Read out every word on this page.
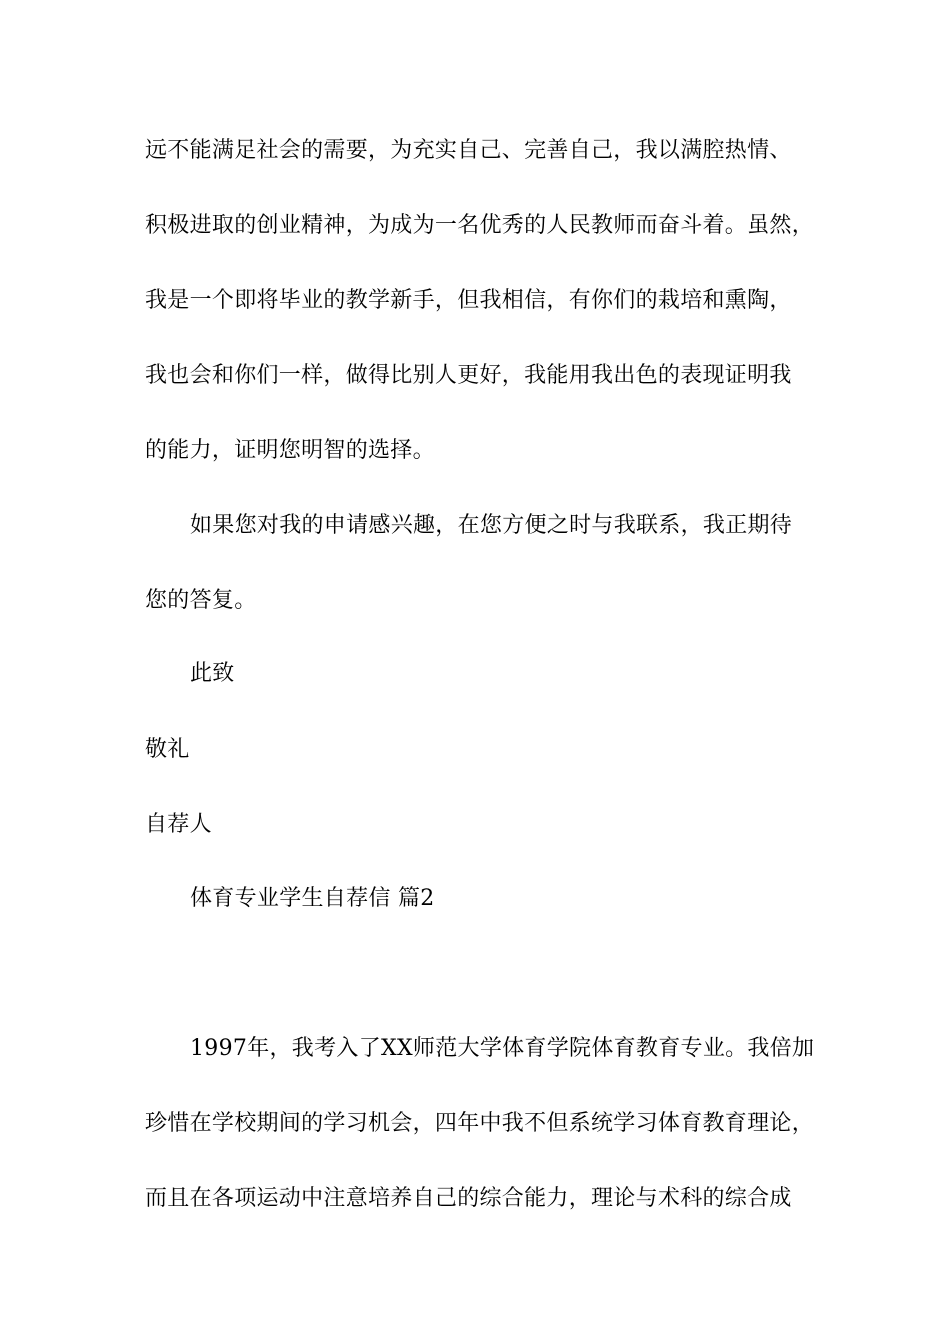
远不能满足社会的需要，为充实自己、完善自己，我以满腔热情、
积极进取的创业精神，为成为一名优秀的人民教师而奋斗着。虽然，
我是一个即将毕业的教学新手，但我相信，有你们的栽培和熏陶，
我也会和你们一样，做得比别人更好，我能用我出色的表现证明我
的能力，证明您明智的选择。
如果您对我的申请感兴趣，在您方便之时与我联系，我正期待
您的答复。
此致
敬礼
自荐人
体育专业学生自荐信 篇2
1997年，我考入了XX师范大学体育学院体育教育专业。我倍加
珍惜在学校期间的学习机会，四年中我不但系统学习体育教育理论，
而且在各项运动中注意培养自己的综合能力，理论与术科的综合成
